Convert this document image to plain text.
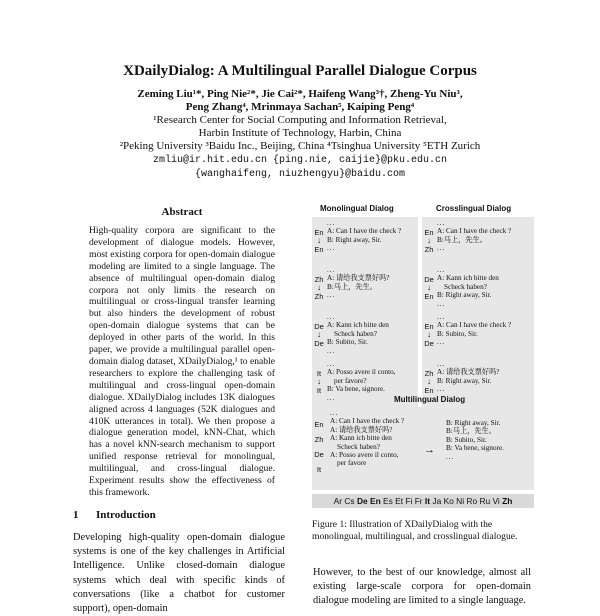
XDailyDialog: A Multilingual Parallel Dialogue Corpus
Zeming Liu¹*, Ping Nie²*, Jie Cai²*, Haifeng Wang³†, Zheng-Yu Niu³,
Peng Zhang⁴, Mrinmaya Sachan⁵, Kaiping Peng⁴
¹Research Center for Social Computing and Information Retrieval,
Harbin Institute of Technology, Harbin, China
²Peking University ³Baidu Inc., Beijing, China ⁴Tsinghua University ⁵ETH Zurich
zmliu@ir.hit.edu.cn {ping.nie, caijie}@pku.edu.cn
{wanghaifeng, niuzhengyu}@baidu.com
Abstract
High-quality corpora are significant to the development of dialogue models. However, most existing corpora for open-domain dialogue modeling are limited to a single language. The absence of multilingual open-domain dialog corpora not only limits the research on multilingual or cross-lingual transfer learning but also hinders the development of robust open-domain dialogue systems that can be deployed in other parts of the world. In this paper, we provide a multilingual parallel open-domain dialog dataset, XDailyDialog,¹ to enable researchers to explore the challenging task of multilingual and cross-lingual open-domain dialogue. XDailyDialog includes 13K dialogues aligned across 4 languages (52K dialogues and 410K utterances in total). We then propose a dialogue generation model, kNN-Chat, which has a novel kNN-search mechanism to support unified response retrieval for monolingual, multilingual, and cross-lingual dialogue. Experiment results show the effectiveness of this framework.
1 Introduction
Developing high-quality open-domain dialogue systems is one of the key challenges in Artificial Intelligence. Unlike closed-domain dialogue systems which deal with specific kinds of conversations (like a chatbot for customer support), open-domain
Monolingual Dialog	Crosslingual Dialog
En
↓
En
...
A: Can I have the check ?
B: Right away, Sir.
...
Zh
↓
Zh
...
A: 请给我支票好吗?
B:马上，先生。
...
De
↓
De
...
A: Kann ich bitte den
Scheck haben?
B: Subito, Sir.
...
It
↓
It
...
A: Posso avere il conto,
per favore?
B: Va bene, signore.
...
En
↓
Zh
...
A: Can I have the check ?
B:马上，先生。
...
De
↓
En
...
A: Kann ich bitte den
Scheck haben?
B: Right away, Sir.
...
En
↓
De
...
A: Can I have the check ?
B: Subito, Sir.
...
Zh
↓
En
...
A: 请给我支票好吗?
B: Right away, Sir.
...
Multilingual Dialog
En
Zh
De
It
...
A: Can I have the check ?
A: 请给我支票好吗?
A: Kann ich bitte den
Scheck haben?
A: Posso avere il conto,
per favore
→
B: Right away, Sir.
B:马上，先生。
B: Subito, Sir.
B: Va bene, signore.
...
Ar Cs De En Es Et Fi Fr It Ja Ko Ni Ro Ru Vi Zh
Figure 1: Illustration of XDailyDialog with the monolingual, multilingual, and crosslingual dialogue.
However, to the best of our knowledge, almost all existing large-scale corpora for open-domain dialogue modeling are limited to a single language.
